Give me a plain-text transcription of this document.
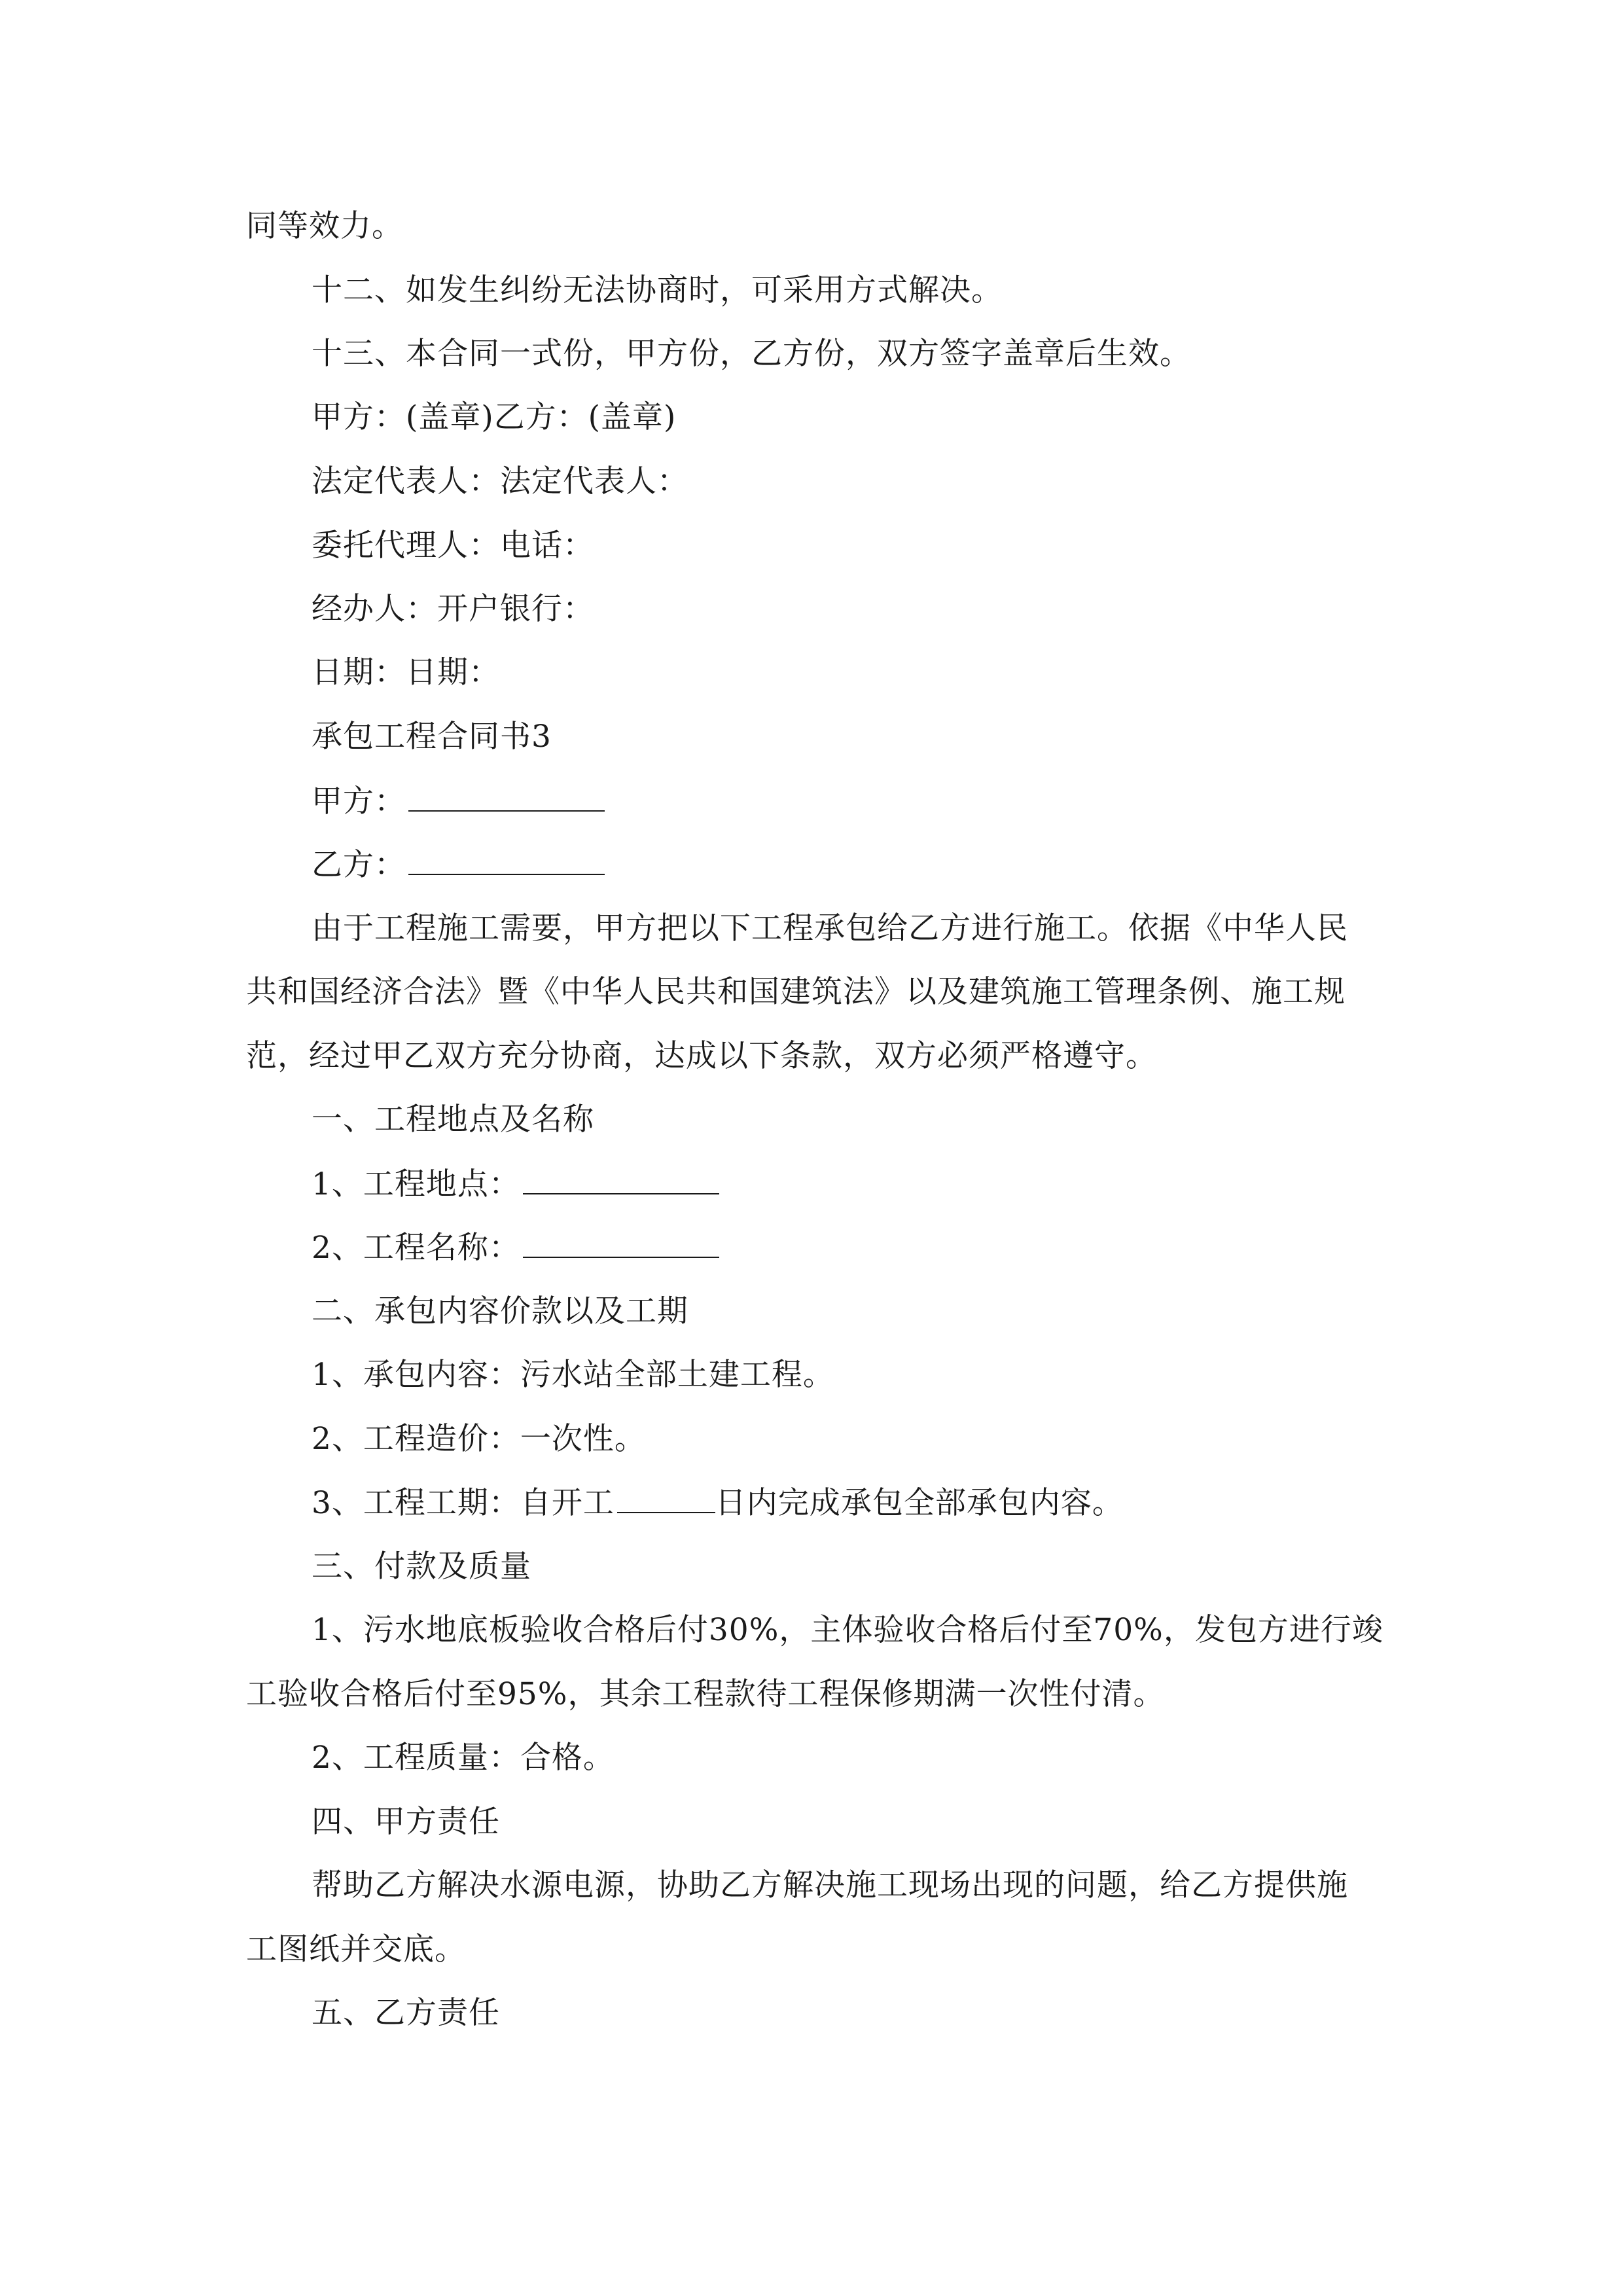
同等效力。
十二、如发生纠纷无法协商时，可采用方式解决。
十三、本合同一式份，甲方份，乙方份，双方签字盖章后生效。
甲方：(盖章)乙方：(盖章)
法定代表人：法定代表人：
委托代理人：电话：
经办人：开户银行：
日期：日期：
承包工程合同书3
甲方：
乙方：
由于工程施工需要，甲方把以下工程承包给乙方进行施工。依据《中华人民
共和国经济合法》暨《中华人民共和国建筑法》以及建筑施工管理条例、施工规
范，经过甲乙双方充分协商，达成以下条款，双方必须严格遵守。
一、工程地点及名称
1、工程地点：
2、工程名称：
二、承包内容价款以及工期
1、承包内容：污水站全部土建工程。
2、工程造价：一次性。
3、工程工期：自开工	日内完成承包全部承包内容。
三、付款及质量
1、污水地底板验收合格后付30%，主体验收合格后付至70%，发包方进行竣
工验收合格后付至95%，其余工程款待工程保修期满一次性付清。
2、工程质量：合格。
四、甲方责任
帮助乙方解决水源电源，协助乙方解决施工现场出现的问题，给乙方提供施
工图纸并交底。
五、乙方责任
